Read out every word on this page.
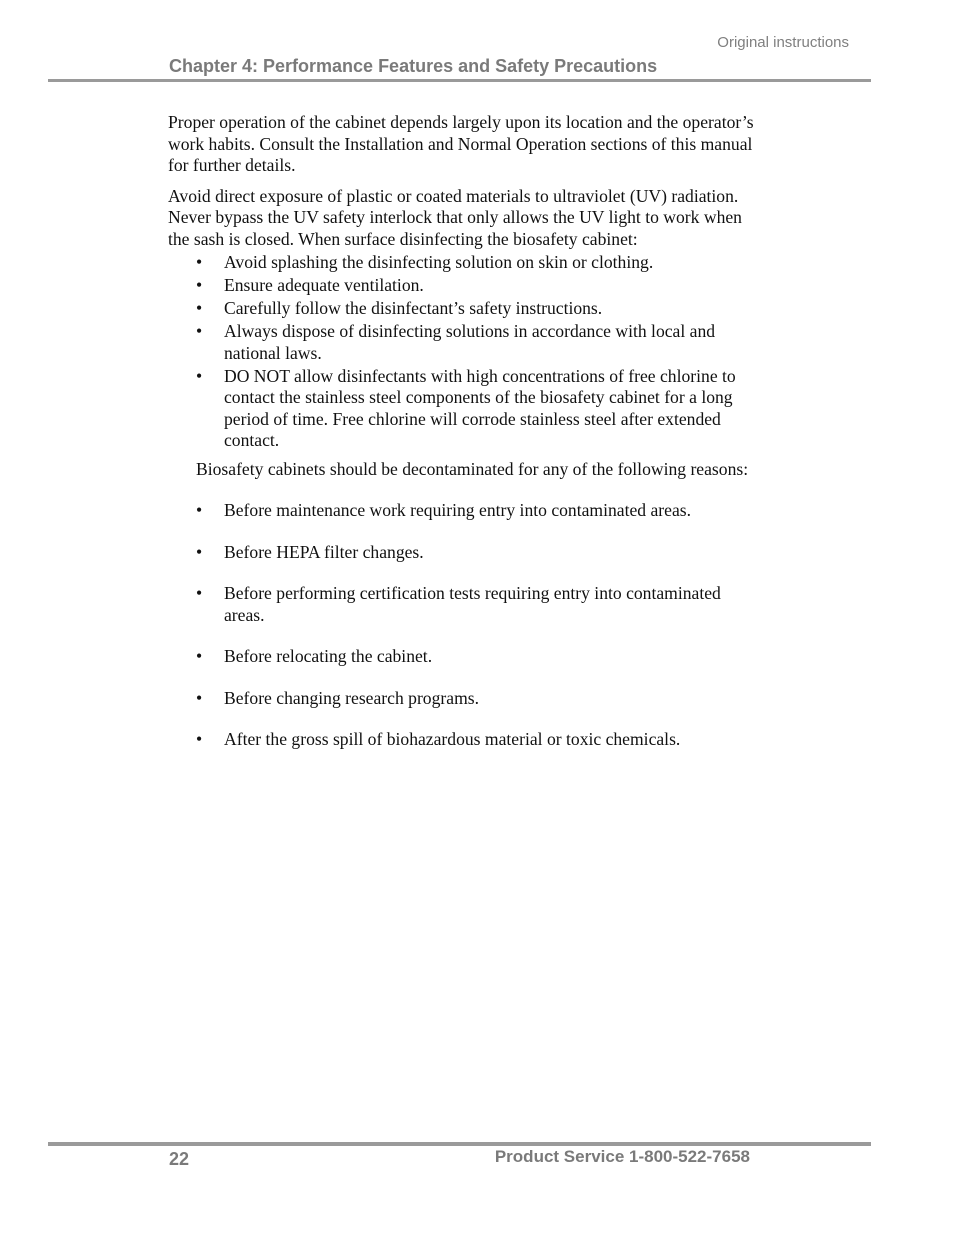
Original instructions

Chapter 4: Performance Features and Safety Precautions

Proper operation of the cabinet depends largely upon its location and the operator’s work habits. Consult the Installation and Normal Operation sections of this manual for further details.

Avoid direct exposure of plastic or coated materials to ultraviolet (UV) radiation. Never bypass the UV safety interlock that only allows the UV light to work when the sash is closed. When surface disinfecting the biosafety cabinet:

• Avoid splashing the disinfecting solution on skin or clothing.
• Ensure adequate ventilation.
• Carefully follow the disinfectant’s safety instructions.
• Always dispose of disinfecting solutions in accordance with local and national laws.
• DO NOT allow disinfectants with high concentrations of free chlorine to contact the stainless steel components of the biosafety cabinet for a long period of time. Free chlorine will corrode stainless steel after extended contact.

Biosafety cabinets should be decontaminated for any of the following reasons:

• Before maintenance work requiring entry into contaminated areas.
• Before HEPA filter changes.
• Before performing certification tests requiring entry into contaminated areas.
• Before relocating the cabinet.
• Before changing research programs.
• After the gross spill of biohazardous material or toxic chemicals.

22	Product Service 1-800-522-7658
